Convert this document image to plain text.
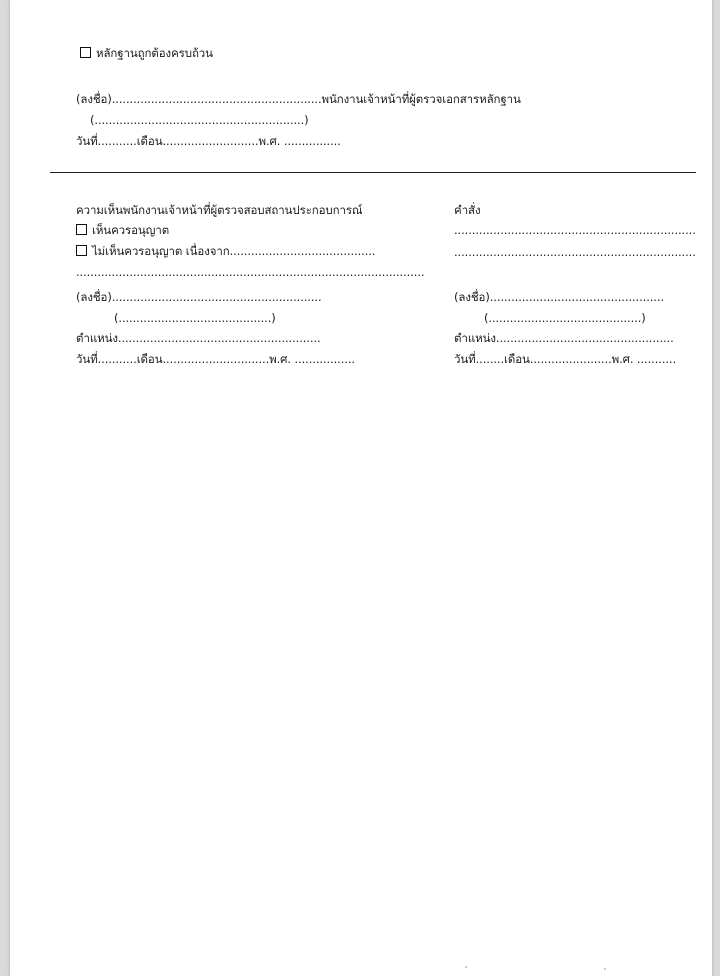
หลักฐานถูกต้องครบถ้วน
(ลงชื่อ)...........................................................พนักงานเจ้าหน้าที่ผู้ตรวจเอกสารหลักฐาน
(...........................................................)
วันที่...........เดือน...........................พ.ศ. ................
ความเห็นพนักงานเจ้าหน้าที่ผู้ตรวจสอบสถานประกอบการณ์
เห็นควรอนุญาต
ไม่เห็นควรอนุญาต เนื่องจาก.........................................
..................................................................................................
(ลงชื่อ)...........................................................
(...........................................)
ตำแหน่ง.........................................................
วันที่...........เดือน..............................พ.ศ. .................
คำสั่ง
....................................................................
....................................................................
(ลงชื่อ).................................................
(...........................................)
ตำแหน่ง..................................................
วันที่........เดือน.......................พ.ศ. ...........
